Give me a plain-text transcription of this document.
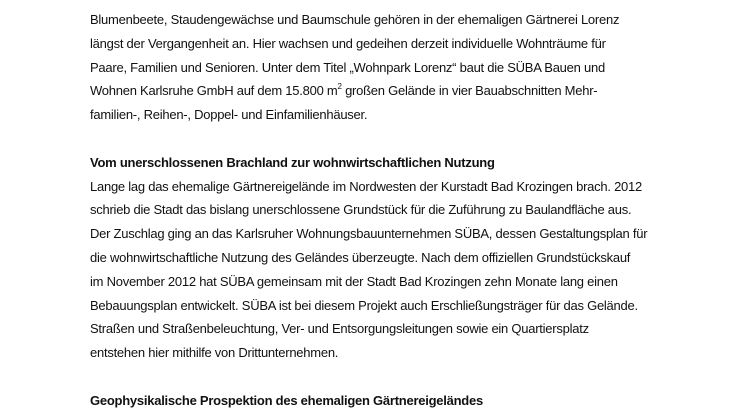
Blumenbeete, Staudengewächse und Baumschule gehören in der ehemaligen Gärtnerei Lorenz
längst der Vergangenheit an. Hier wachsen und gedeihen derzeit individuelle Wohnträume für
Paare, Familien und Senioren. Unter dem Titel „Wohnpark Lorenz“ baut die SÜBA Bauen und
Wohnen Karlsruhe GmbH auf dem 15.800 $m^2$ großen Gelände in vier Bauabschnitten Mehr-
familien-, Reihen-, Doppel- und Einfamilienhäuser.
Vom unerschlossenen Brachland zur wohnwirtschaftlichen Nutzung
Lange lag das ehemalige Gärtnereigelände im Nordwesten der Kurstadt Bad Krozingen brach. 2012
schrieb die Stadt das bislang unerschlossene Grundstück für die Zuführung zu Baulandfläche aus.
Der Zuschlag ging an das Karlsruher Wohnungsbauunternehmen SÜBA, dessen Gestaltungsplan für
die wohnwirtschaftliche Nutzung des Geländes überzeugte. Nach dem offiziellen Grundstückskauf
im November 2012 hat SÜBA gemeinsam mit der Stadt Bad Krozingen zehn Monate lang einen
Bebauungsplan entwickelt. SÜBA ist bei diesem Projekt auch Erschließungsträger für das Gelände.
Straßen und Straßenbeleuchtung, Ver- und Entsorgungsleitungen sowie ein Quartiersplatz
entstehen hier mithilfe von Drittunternehmen.
Geophysikalische Prospektion des ehemaligen Gärtnereigeländes
